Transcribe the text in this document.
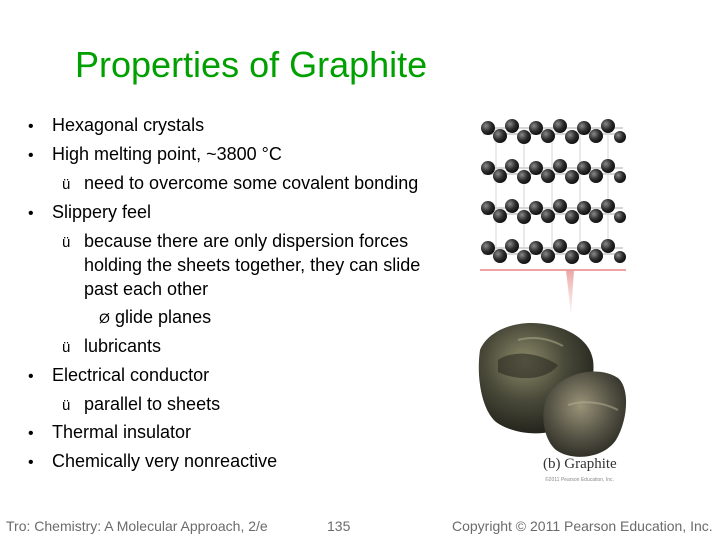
Properties of Graphite
• Hexagonal crystals
• High melting point, ~3800 °C
ü need to overcome some covalent bonding
• Slippery feel
ü because there are only dispersion forces
holding the sheets together, they can slide
past each other
Ø glide planes
ü lubricants
• Electrical conductor
ü parallel to sheets
• Thermal insulator
• Chemically very nonreactive	(b) Graphite
©2011 Pearson Education, Inc.
Tro: Chemistry: A Molecular Approach, 2/e	135	Copyright © 2011 Pearson Education, Inc.
